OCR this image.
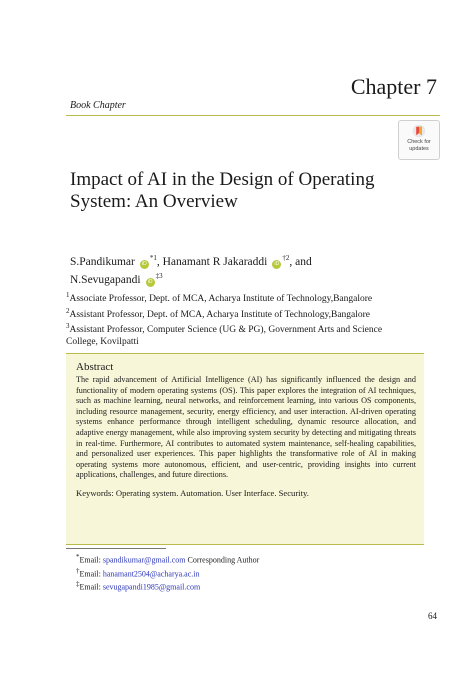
Chapter 7
Book Chapter
Check for
updates
Impact of AI in the Design of Operating System: An Overview
S.Pandikumar $iD^{*1}$, Hanamant R Jakaraddi $iD^{\dagger 2}$, and
N.Sevugapandi $iD^{\ddagger 3}$
$^1$Associate Professor, Dept. of MCA, Acharya Institute of Technology,Bangalore
$^2$Assistant Professor, Dept. of MCA, Acharya Institute of Technology,Bangalore
$^3$Assistant Professor, Computer Science (UG & PG), Government Arts and Science College, Kovilpatti
Abstract
The rapid advancement of Artificial Intelligence (AI) has significantly influenced the design and functionality of modern operating systems (OS). This paper explores the integration of AI techniques, such as machine learning, neural networks, and reinforcement learning, into various OS components, including resource management, security, energy efficiency, and user interaction. AI-driven operating systems enhance performance through intelligent scheduling, dynamic resource allocation, and adaptive energy management, while also improving system security by detecting and mitigating threats in real-time. Furthermore, AI contributes to automated system maintenance, self-healing capabilities, and personalized user experiences. This paper highlights the transformative role of AI in making operating systems more autonomous, efficient, and user-centric, providing insights into current applications, challenges, and future directions.
Keywords: Operating system. Automation. User Interface. Security.
*Email: spandikumar@gmail.com Corresponding Author
†Email: hanamant2504@acharya.ac.in
‡Email: sevugapandi1985@gmail.com
64
